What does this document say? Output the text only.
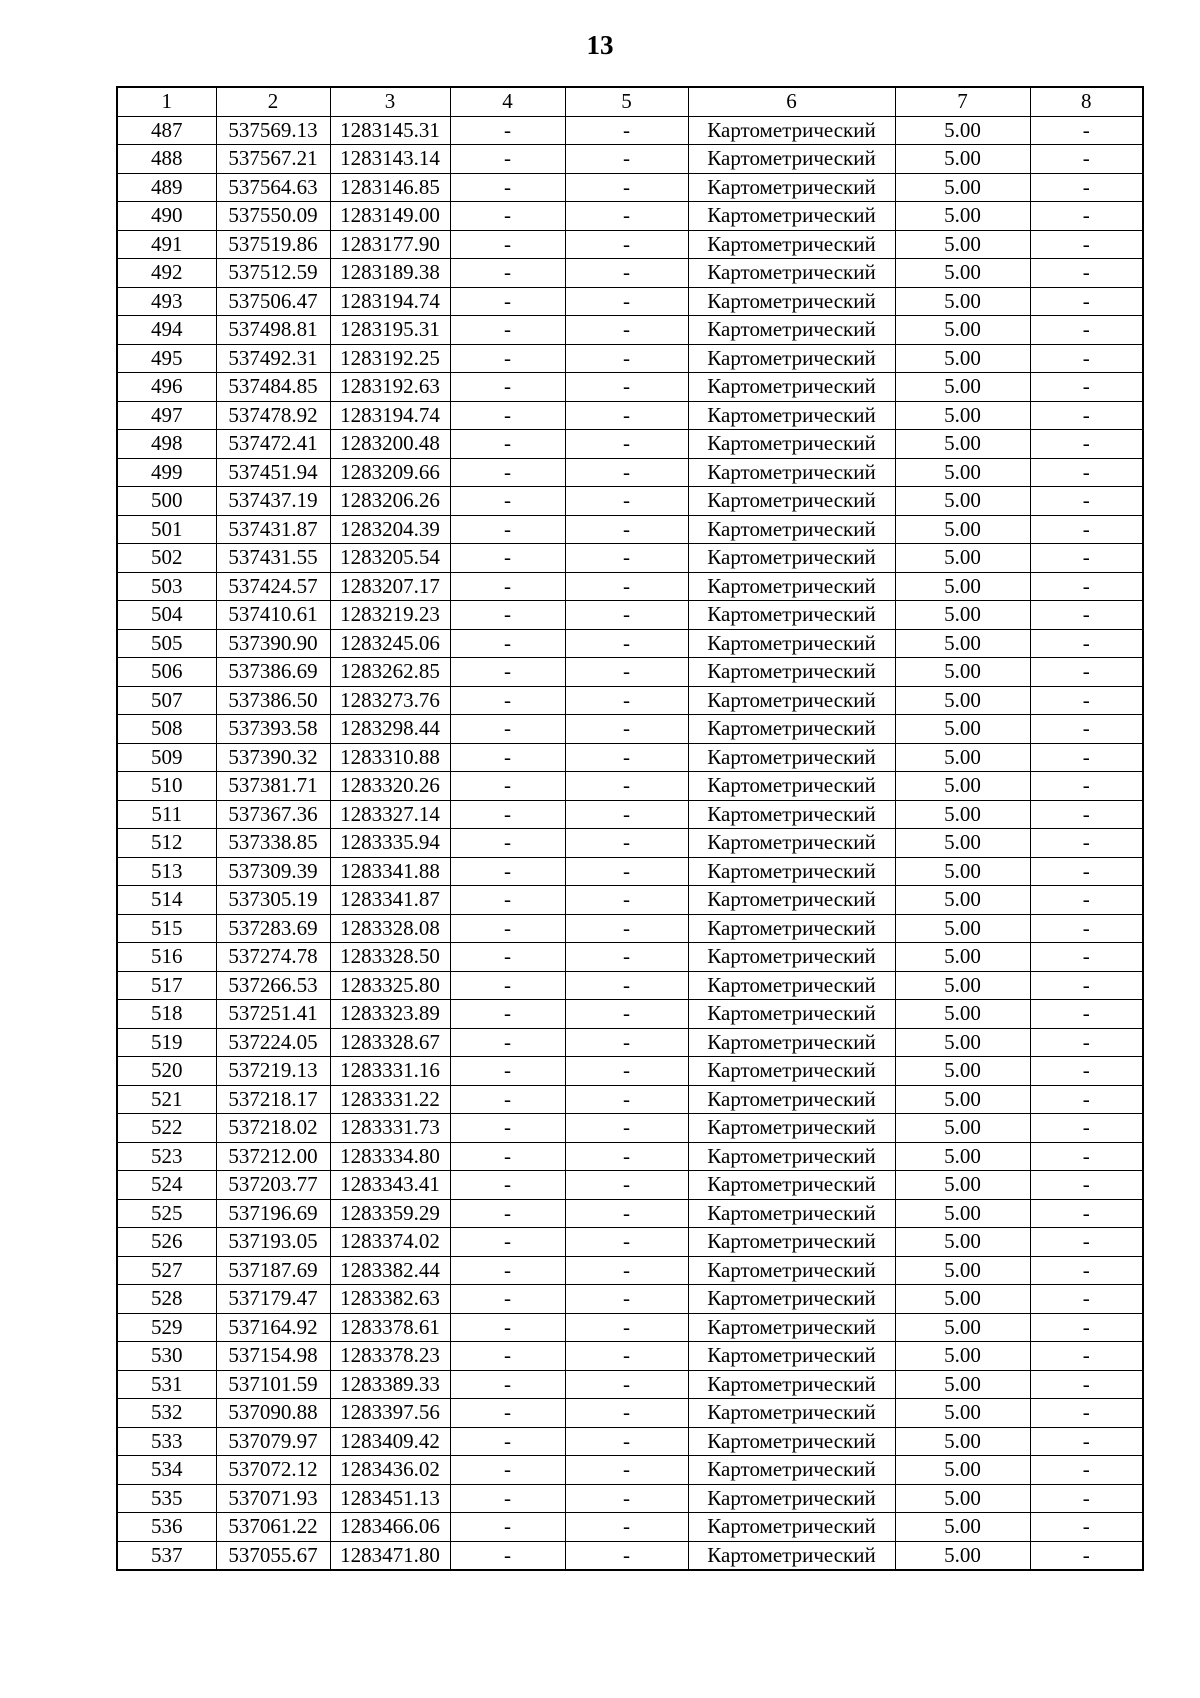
13
1	2	3	4	5	6	7	8
487	537569.13	1283145.31	-	-	Картометрический	5.00	-
488	537567.21	1283143.14	-	-	Картометрический	5.00	-
489	537564.63	1283146.85	-	-	Картометрический	5.00	-
490	537550.09	1283149.00	-	-	Картометрический	5.00	-
491	537519.86	1283177.90	-	-	Картометрический	5.00	-
492	537512.59	1283189.38	-	-	Картометрический	5.00	-
493	537506.47	1283194.74	-	-	Картометрический	5.00	-
494	537498.81	1283195.31	-	-	Картометрический	5.00	-
495	537492.31	1283192.25	-	-	Картометрический	5.00	-
496	537484.85	1283192.63	-	-	Картометрический	5.00	-
497	537478.92	1283194.74	-	-	Картометрический	5.00	-
498	537472.41	1283200.48	-	-	Картометрический	5.00	-
499	537451.94	1283209.66	-	-	Картометрический	5.00	-
500	537437.19	1283206.26	-	-	Картометрический	5.00	-
501	537431.87	1283204.39	-	-	Картометрический	5.00	-
502	537431.55	1283205.54	-	-	Картометрический	5.00	-
503	537424.57	1283207.17	-	-	Картометрический	5.00	-
504	537410.61	1283219.23	-	-	Картометрический	5.00	-
505	537390.90	1283245.06	-	-	Картометрический	5.00	-
506	537386.69	1283262.85	-	-	Картометрический	5.00	-
507	537386.50	1283273.76	-	-	Картометрический	5.00	-
508	537393.58	1283298.44	-	-	Картометрический	5.00	-
509	537390.32	1283310.88	-	-	Картометрический	5.00	-
510	537381.71	1283320.26	-	-	Картометрический	5.00	-
511	537367.36	1283327.14	-	-	Картометрический	5.00	-
512	537338.85	1283335.94	-	-	Картометрический	5.00	-
513	537309.39	1283341.88	-	-	Картометрический	5.00	-
514	537305.19	1283341.87	-	-	Картометрический	5.00	-
515	537283.69	1283328.08	-	-	Картометрический	5.00	-
516	537274.78	1283328.50	-	-	Картометрический	5.00	-
517	537266.53	1283325.80	-	-	Картометрический	5.00	-
518	537251.41	1283323.89	-	-	Картометрический	5.00	-
519	537224.05	1283328.67	-	-	Картометрический	5.00	-
520	537219.13	1283331.16	-	-	Картометрический	5.00	-
521	537218.17	1283331.22	-	-	Картометрический	5.00	-
522	537218.02	1283331.73	-	-	Картометрический	5.00	-
523	537212.00	1283334.80	-	-	Картометрический	5.00	-
524	537203.77	1283343.41	-	-	Картометрический	5.00	-
525	537196.69	1283359.29	-	-	Картометрический	5.00	-
526	537193.05	1283374.02	-	-	Картометрический	5.00	-
527	537187.69	1283382.44	-	-	Картометрический	5.00	-
528	537179.47	1283382.63	-	-	Картометрический	5.00	-
529	537164.92	1283378.61	-	-	Картометрический	5.00	-
530	537154.98	1283378.23	-	-	Картометрический	5.00	-
531	537101.59	1283389.33	-	-	Картометрический	5.00	-
532	537090.88	1283397.56	-	-	Картометрический	5.00	-
533	537079.97	1283409.42	-	-	Картометрический	5.00	-
534	537072.12	1283436.02	-	-	Картометрический	5.00	-
535	537071.93	1283451.13	-	-	Картометрический	5.00	-
536	537061.22	1283466.06	-	-	Картометрический	5.00	-
537	537055.67	1283471.80	-	-	Картометрический	5.00	-
